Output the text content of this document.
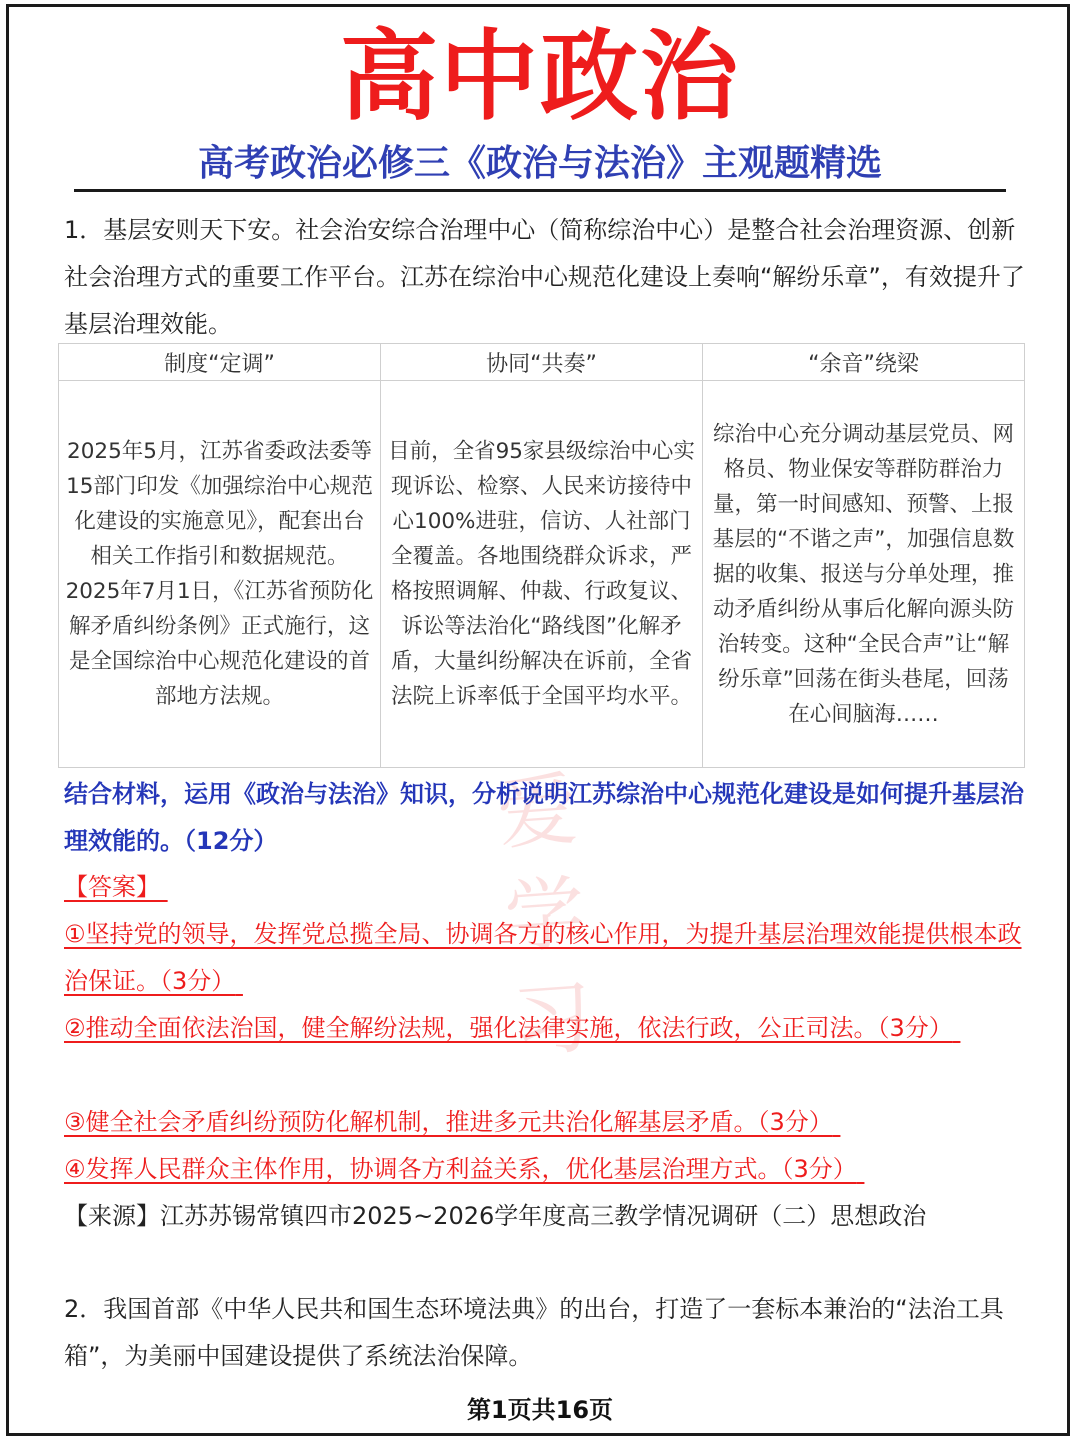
爱学习
高中政治
高考政治必修三《政治与法治》主观题精选
1．基层安则天下安。社会治安综合治理中心（简称综治中心）是整合社会治理资源、创新社会治理方式的重要工作平台。江苏在综治中心规范化建设上奏响“解纷乐章”，有效提升了基层治理效能。
制度“定调”	协同“共奏”	“余音”绕梁
2025年5月，江苏省委政法委等15部门印发《加强综治中心规范化建设的实施意见》，配套出台相关工作指引和数据规范。2025年7月1日，《江苏省预防化解矛盾纠纷条例》正式施行，这是全国综治中心规范化建设的首部地方法规。	目前，全省95家县级综治中心实现诉讼、检察、人民来访接待中心100%进驻，信访、人社部门全覆盖。各地围绕群众诉求，严格按照调解、仲裁、行政复议、诉讼等法治化“路线图”化解矛盾，大量纠纷解决在诉前，全省法院上诉率低于全国平均水平。	综治中心充分调动基层党员、网格员、物业保安等群防群治力量，第一时间感知、预警、上报基层的“不谐之声”，加强信息数据的收集、报送与分单处理，推动矛盾纠纷从事后化解向源头防治转变。这种“全民合声”让“解纷乐章”回荡在街头巷尾，回荡在心间脑海……
结合材料，运用《政治与法治》知识，分析说明江苏综治中心规范化建设是如何提升基层治理效能的。（12分）
【答案】
①坚持党的领导，发挥党总揽全局、协调各方的核心作用，为提升基层治理效能提供根本政治保证。（3分）
②推动全面依法治国，健全解纷法规，强化法律实施，依法行政，公正司法。（3分）
③健全社会矛盾纠纷预防化解机制，推进多元共治化解基层矛盾。（3分）
④发挥人民群众主体作用，协调各方利益关系，优化基层治理方式。（3分）
【来源】江苏苏锡常镇四市2025~2026学年度高三教学情况调研（二）思想政治
2．我国首部《中华人民共和国生态环境法典》的出台，打造了一套标本兼治的“法治工具箱”，为美丽中国建设提供了系统法治保障。
第1页共16页
